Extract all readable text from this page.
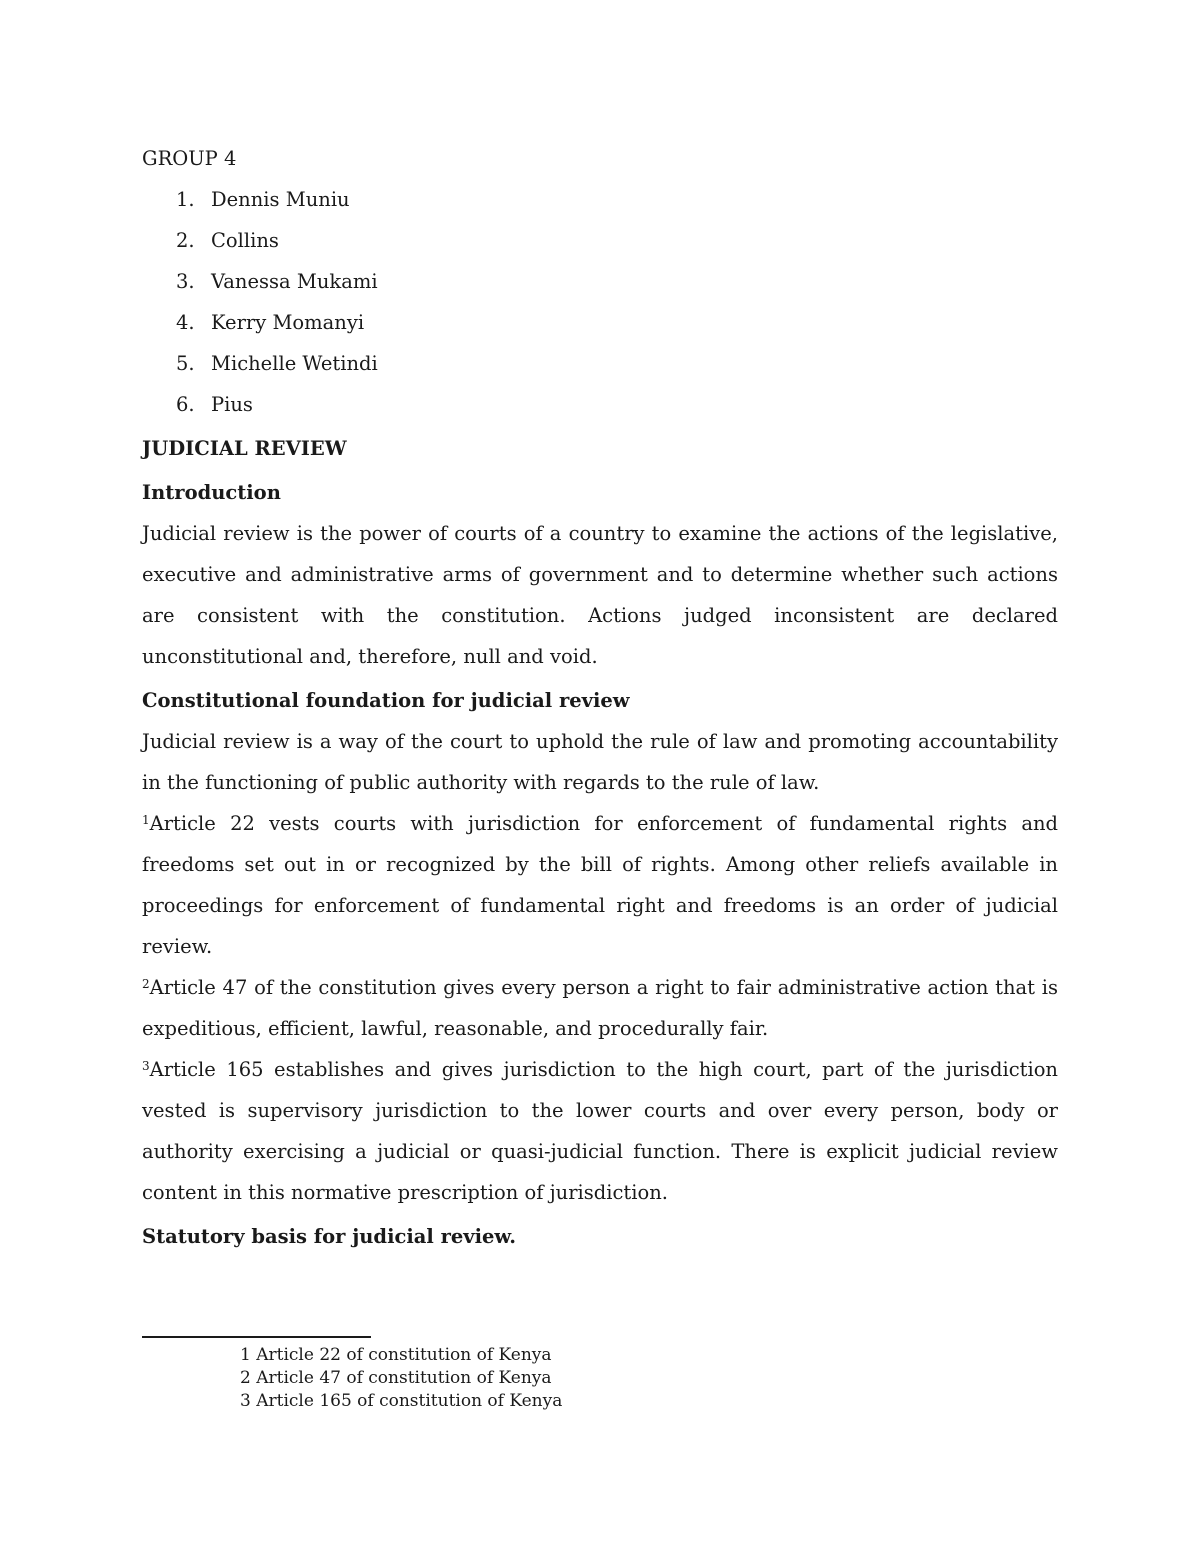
GROUP 4

1. Dennis Muniu
2. Collins
3. Vanessa Mukami
4. Kerry Momanyi
5. Michelle Wetindi
6. Pius

JUDICIAL REVIEW

Introduction

Judicial review is the power of courts of a country to examine the actions of the legislative, executive and administrative arms of government and to determine whether such actions are consistent with the constitution. Actions judged inconsistent are declared unconstitutional and, therefore, null and void.

Constitutional foundation for judicial review

Judicial review is a way of the court to uphold the rule of law and promoting accountability in the functioning of public authority with regards to the rule of law.

$^1$Article 22 vests courts with jurisdiction for enforcement of fundamental rights and freedoms set out in or recognized by the bill of rights. Among other reliefs available in proceedings for enforcement of fundamental right and freedoms is an order of judicial review.

$^2$Article 47 of the constitution gives every person a right to fair administrative action that is expeditious, efficient, lawful, reasonable, and procedurally fair.

$^3$Article 165 establishes and gives jurisdiction to the high court, part of the jurisdiction vested is supervisory jurisdiction to the lower courts and over every person, body or authority exercising a judicial or quasi-judicial function. There is explicit judicial review content in this normative prescription of jurisdiction.

Statutory basis for judicial review.

1 Article 22 of constitution of Kenya
2 Article 47 of constitution of Kenya
3 Article 165 of constitution of Kenya
